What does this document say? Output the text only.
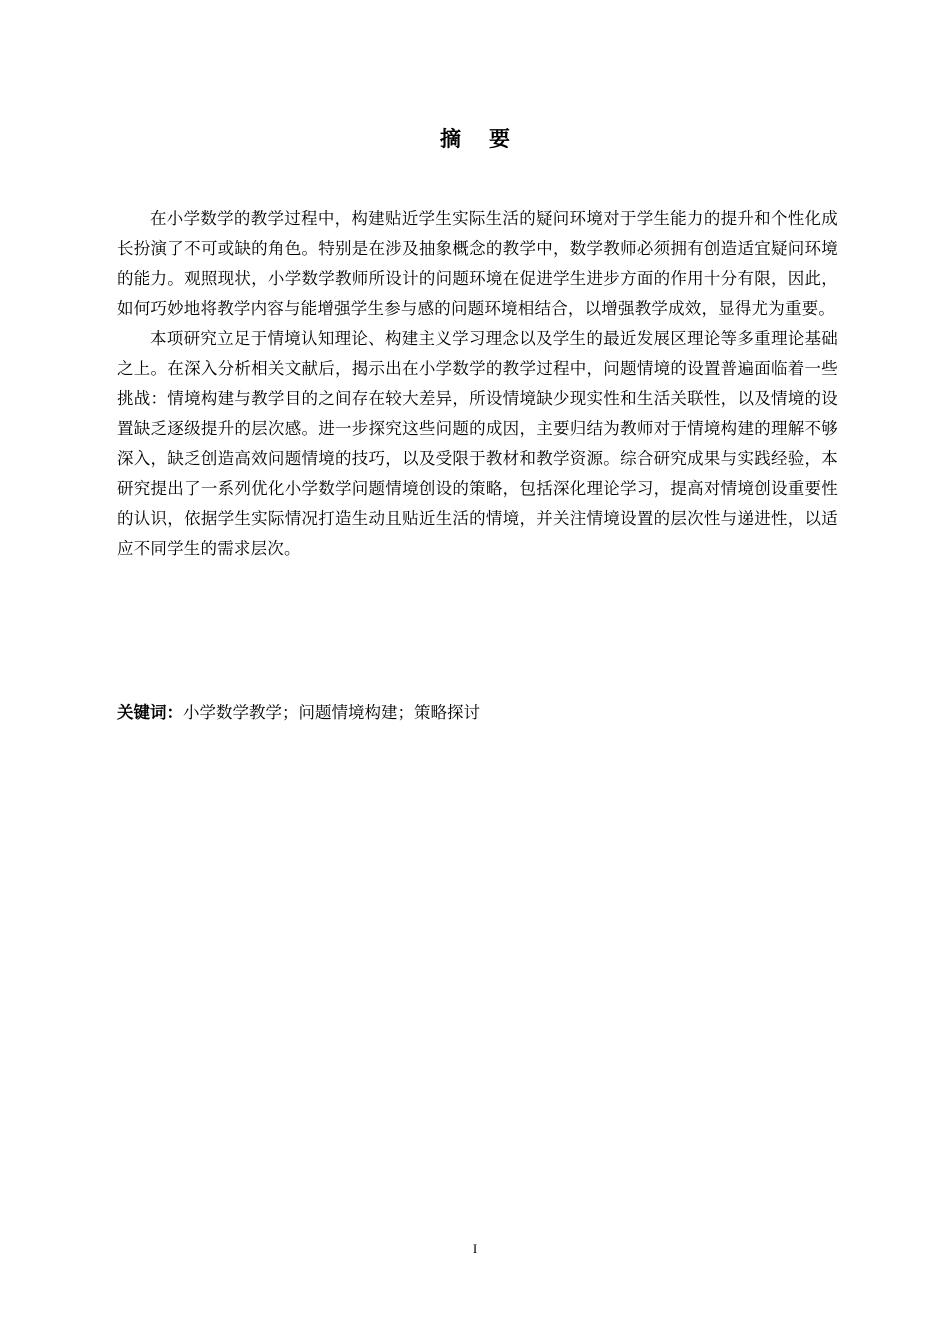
摘要

在小学数学的教学过程中，构建贴近学生实际生活的疑问环境对于学生能力的提升和个性化成长扮演了不可或缺的角色。特别是在涉及抽象概念的教学中，数学教师必须拥有创造适宜疑问环境的能力。观照现状，小学数学教师所设计的问题环境在促进学生进步方面的作用十分有限，因此，如何巧妙地将教学内容与能增强学生参与感的问题环境相结合，以增强教学成效，显得尤为重要。

本项研究立足于情境认知理论、构建主义学习理念以及学生的最近发展区理论等多重理论基础之上。在深入分析相关文献后，揭示出在小学数学的教学过程中，问题情境的设置普遍面临着一些挑战：情境构建与教学目的之间存在较大差异，所设情境缺少现实性和生活关联性，以及情境的设置缺乏逐级提升的层次感。进一步探究这些问题的成因，主要归结为教师对于情境构建的理解不够深入，缺乏创造高效问题情境的技巧，以及受限于教材和教学资源。综合研究成果与实践经验，本研究提出了一系列优化小学数学问题情境创设的策略，包括深化理论学习，提高对情境创设重要性的认识，依据学生实际情况打造生动且贴近生活的情境，并关注情境设置的层次性与递进性，以适应不同学生的需求层次。

关键词：小学数学教学；问题情境构建；策略探讨

I
